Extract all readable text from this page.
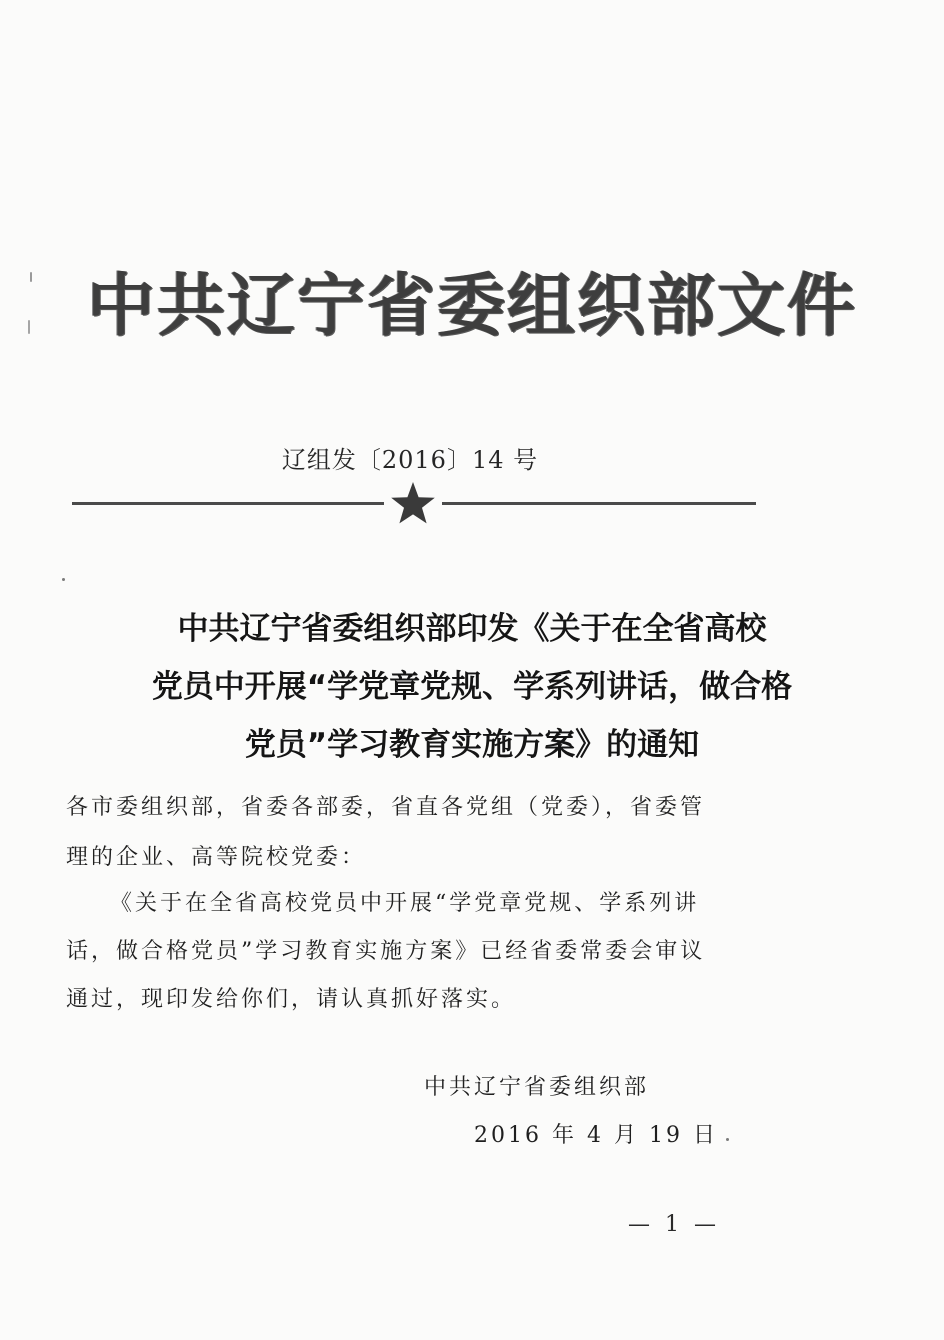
中共辽宁省委组织部文件
辽组发〔2016〕14 号
中共辽宁省委组织部印发《关于在全省高校
党员中开展“学党章党规、学系列讲话，做合格
党员”学习教育实施方案》的通知
各市委组织部，省委各部委，省直各党组（党委），省委管
理的企业、高等院校党委：
《关于在全省高校党员中开展“学党章党规、学系列讲
话，做合格党员”学习教育实施方案》已经省委常委会审议
通过，现印发给你们，请认真抓好落实。
中共辽宁省委组织部
2016 年 4 月 19 日
— 1 —
